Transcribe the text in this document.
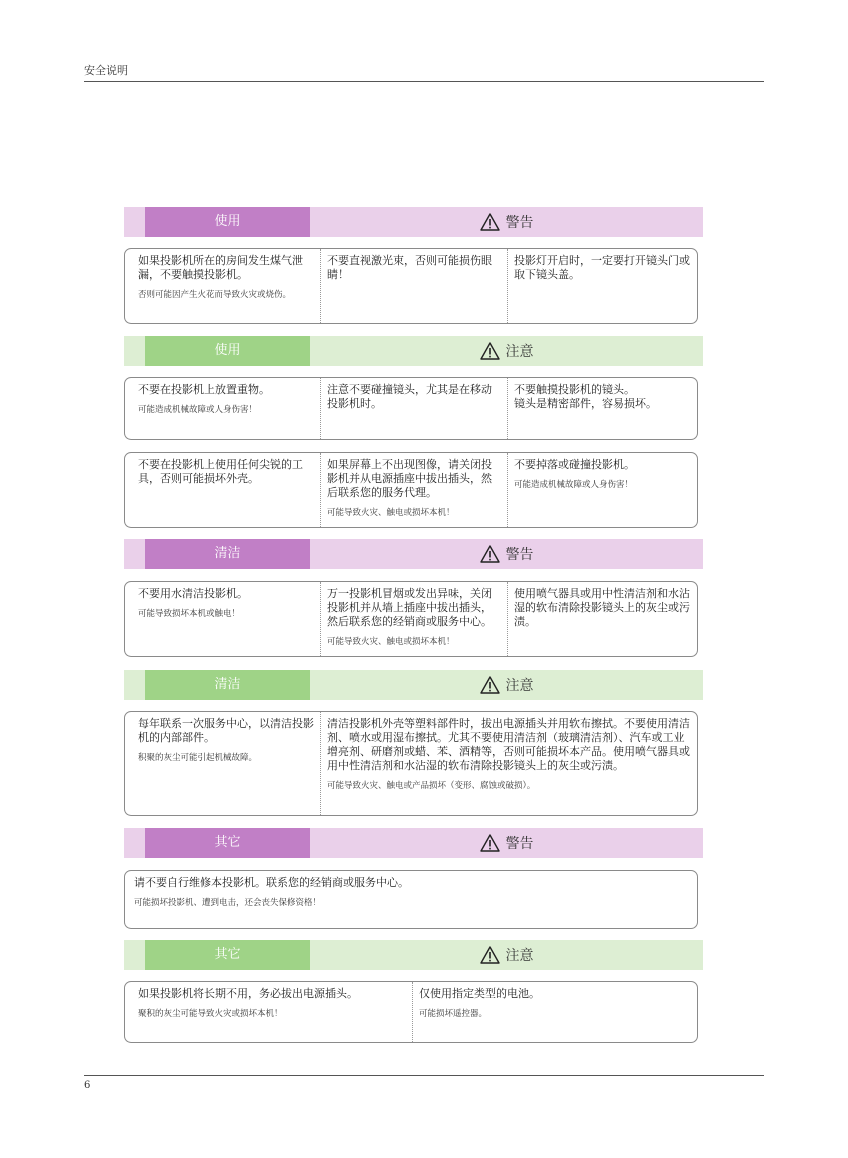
安全说明
使用	警告

如果投影机所在的房间发生煤气泄漏，不要触摸投影机。

否则可能因产生火花而导致火灾或烧伤。

不要直视激光束，否则可能损伤眼睛！

投影灯开启时，一定要打开镜头门或取下镜头盖。

使用	注意

不要在投影机上放置重物。

可能造成机械故障或人身伤害！

注意不要碰撞镜头，尤其是在移动投影机时。

不要触摸投影机的镜头。
镜头是精密部件，容易损坏。

不要在投影机上使用任何尖锐的工具，否则可能损坏外壳。

如果屏幕上不出现图像，请关闭投影机并从电源插座中拔出插头，然后联系您的服务代理。

可能导致火灾、触电或损坏本机！

不要掉落或碰撞投影机。

可能造成机械故障或人身伤害！

清洁	警告

不要用水清洁投影机。

可能导致损坏本机或触电！

万一投影机冒烟或发出异味，关闭投影机并从墙上插座中拔出插头，然后联系您的经销商或服务中心。

可能导致火灾、触电或损坏本机！

使用喷气器具或用中性清洁剂和水沾湿的软布清除投影镜头上的灰尘或污渍。

清洁	注意

每年联系一次服务中心，以清洁投影机的内部部件。

积聚的灰尘可能引起机械故障。

清洁投影机外壳等塑料部件时，拔出电源插头并用软布擦拭。不要使用清洁剂、喷水或用湿布擦拭。尤其不要使用清洁剂（玻璃清洁剂）、汽车或工业增亮剂、研磨剂或蜡、苯、酒精等，否则可能损坏本产品。使用喷气器具或用中性清洁剂和水沾湿的软布清除投影镜头上的灰尘或污渍。

可能导致火灾、触电或产品损坏（变形、腐蚀或破损）。

其它	警告

请不要自行维修本投影机。联系您的经销商或服务中心。

可能损坏投影机、遭到电击，还会丧失保修资格！

其它	注意

如果投影机将长期不用，务必拔出电源插头。

聚积的灰尘可能导致火灾或损坏本机！

仅使用指定类型的电池。

可能损坏遥控器。

6
